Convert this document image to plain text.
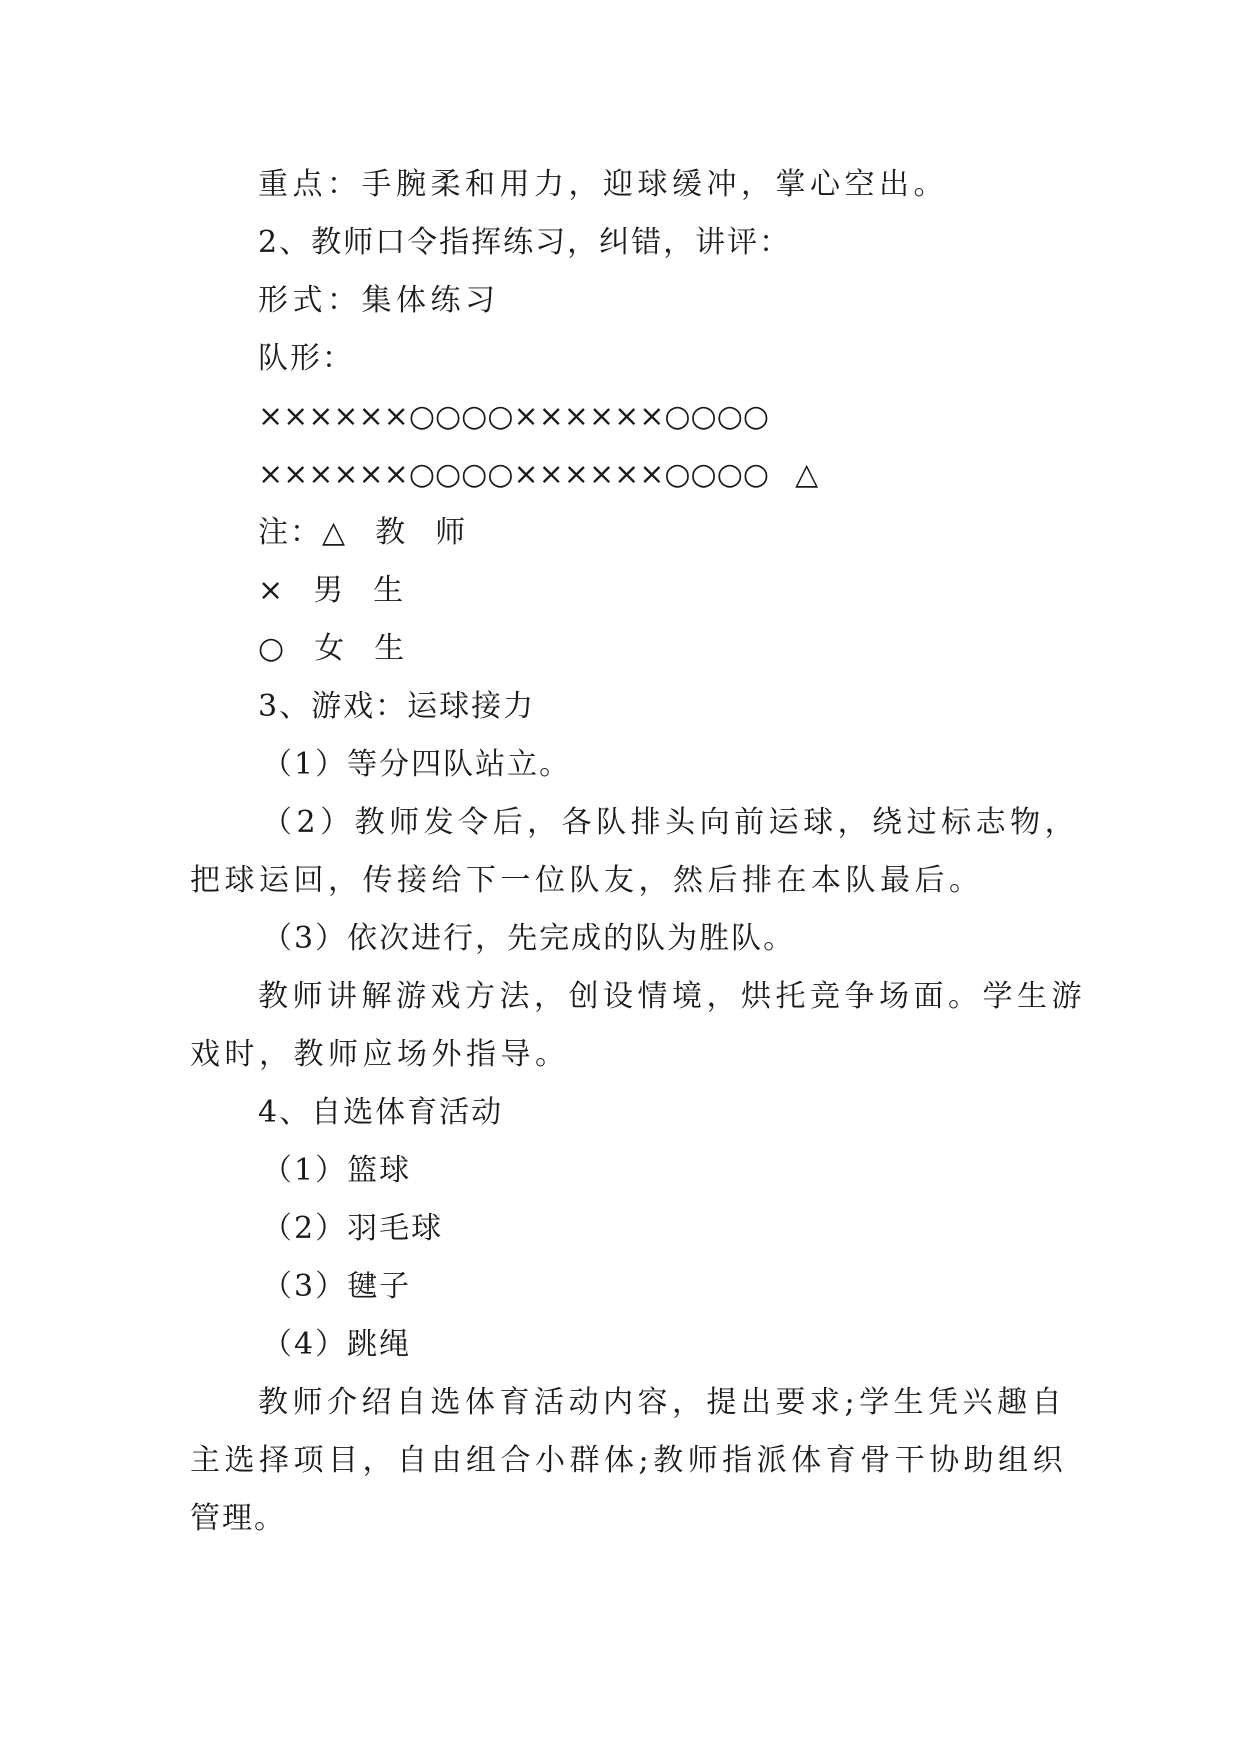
重点：手腕柔和用力，迎球缓冲，掌心空出。
2、教师口令指挥练习，纠错，讲评：
形式：集体练习
队形：
××××××○○○○××××××○○○○
××××××○○○○××××××○○○○ △
注：△ 教 师
× 男 生
○ 女 生
3、游戏：运球接力
（1）等分四队站立。
（2）教师发令后，各队排头向前运球，绕过标志物，
把球运回，传接给下一位队友，然后排在本队最后。
（3）依次进行，先完成的队为胜队。
教师讲解游戏方法，创设情境，烘托竞争场面。学生游
戏时，教师应场外指导。
4、自选体育活动
（1）篮球
（2）羽毛球
（3）毽子
（4）跳绳
教师介绍自选体育活动内容，提出要求;学生凭兴趣自
主选择项目，自由组合小群体;教师指派体育骨干协助组织
管理。
